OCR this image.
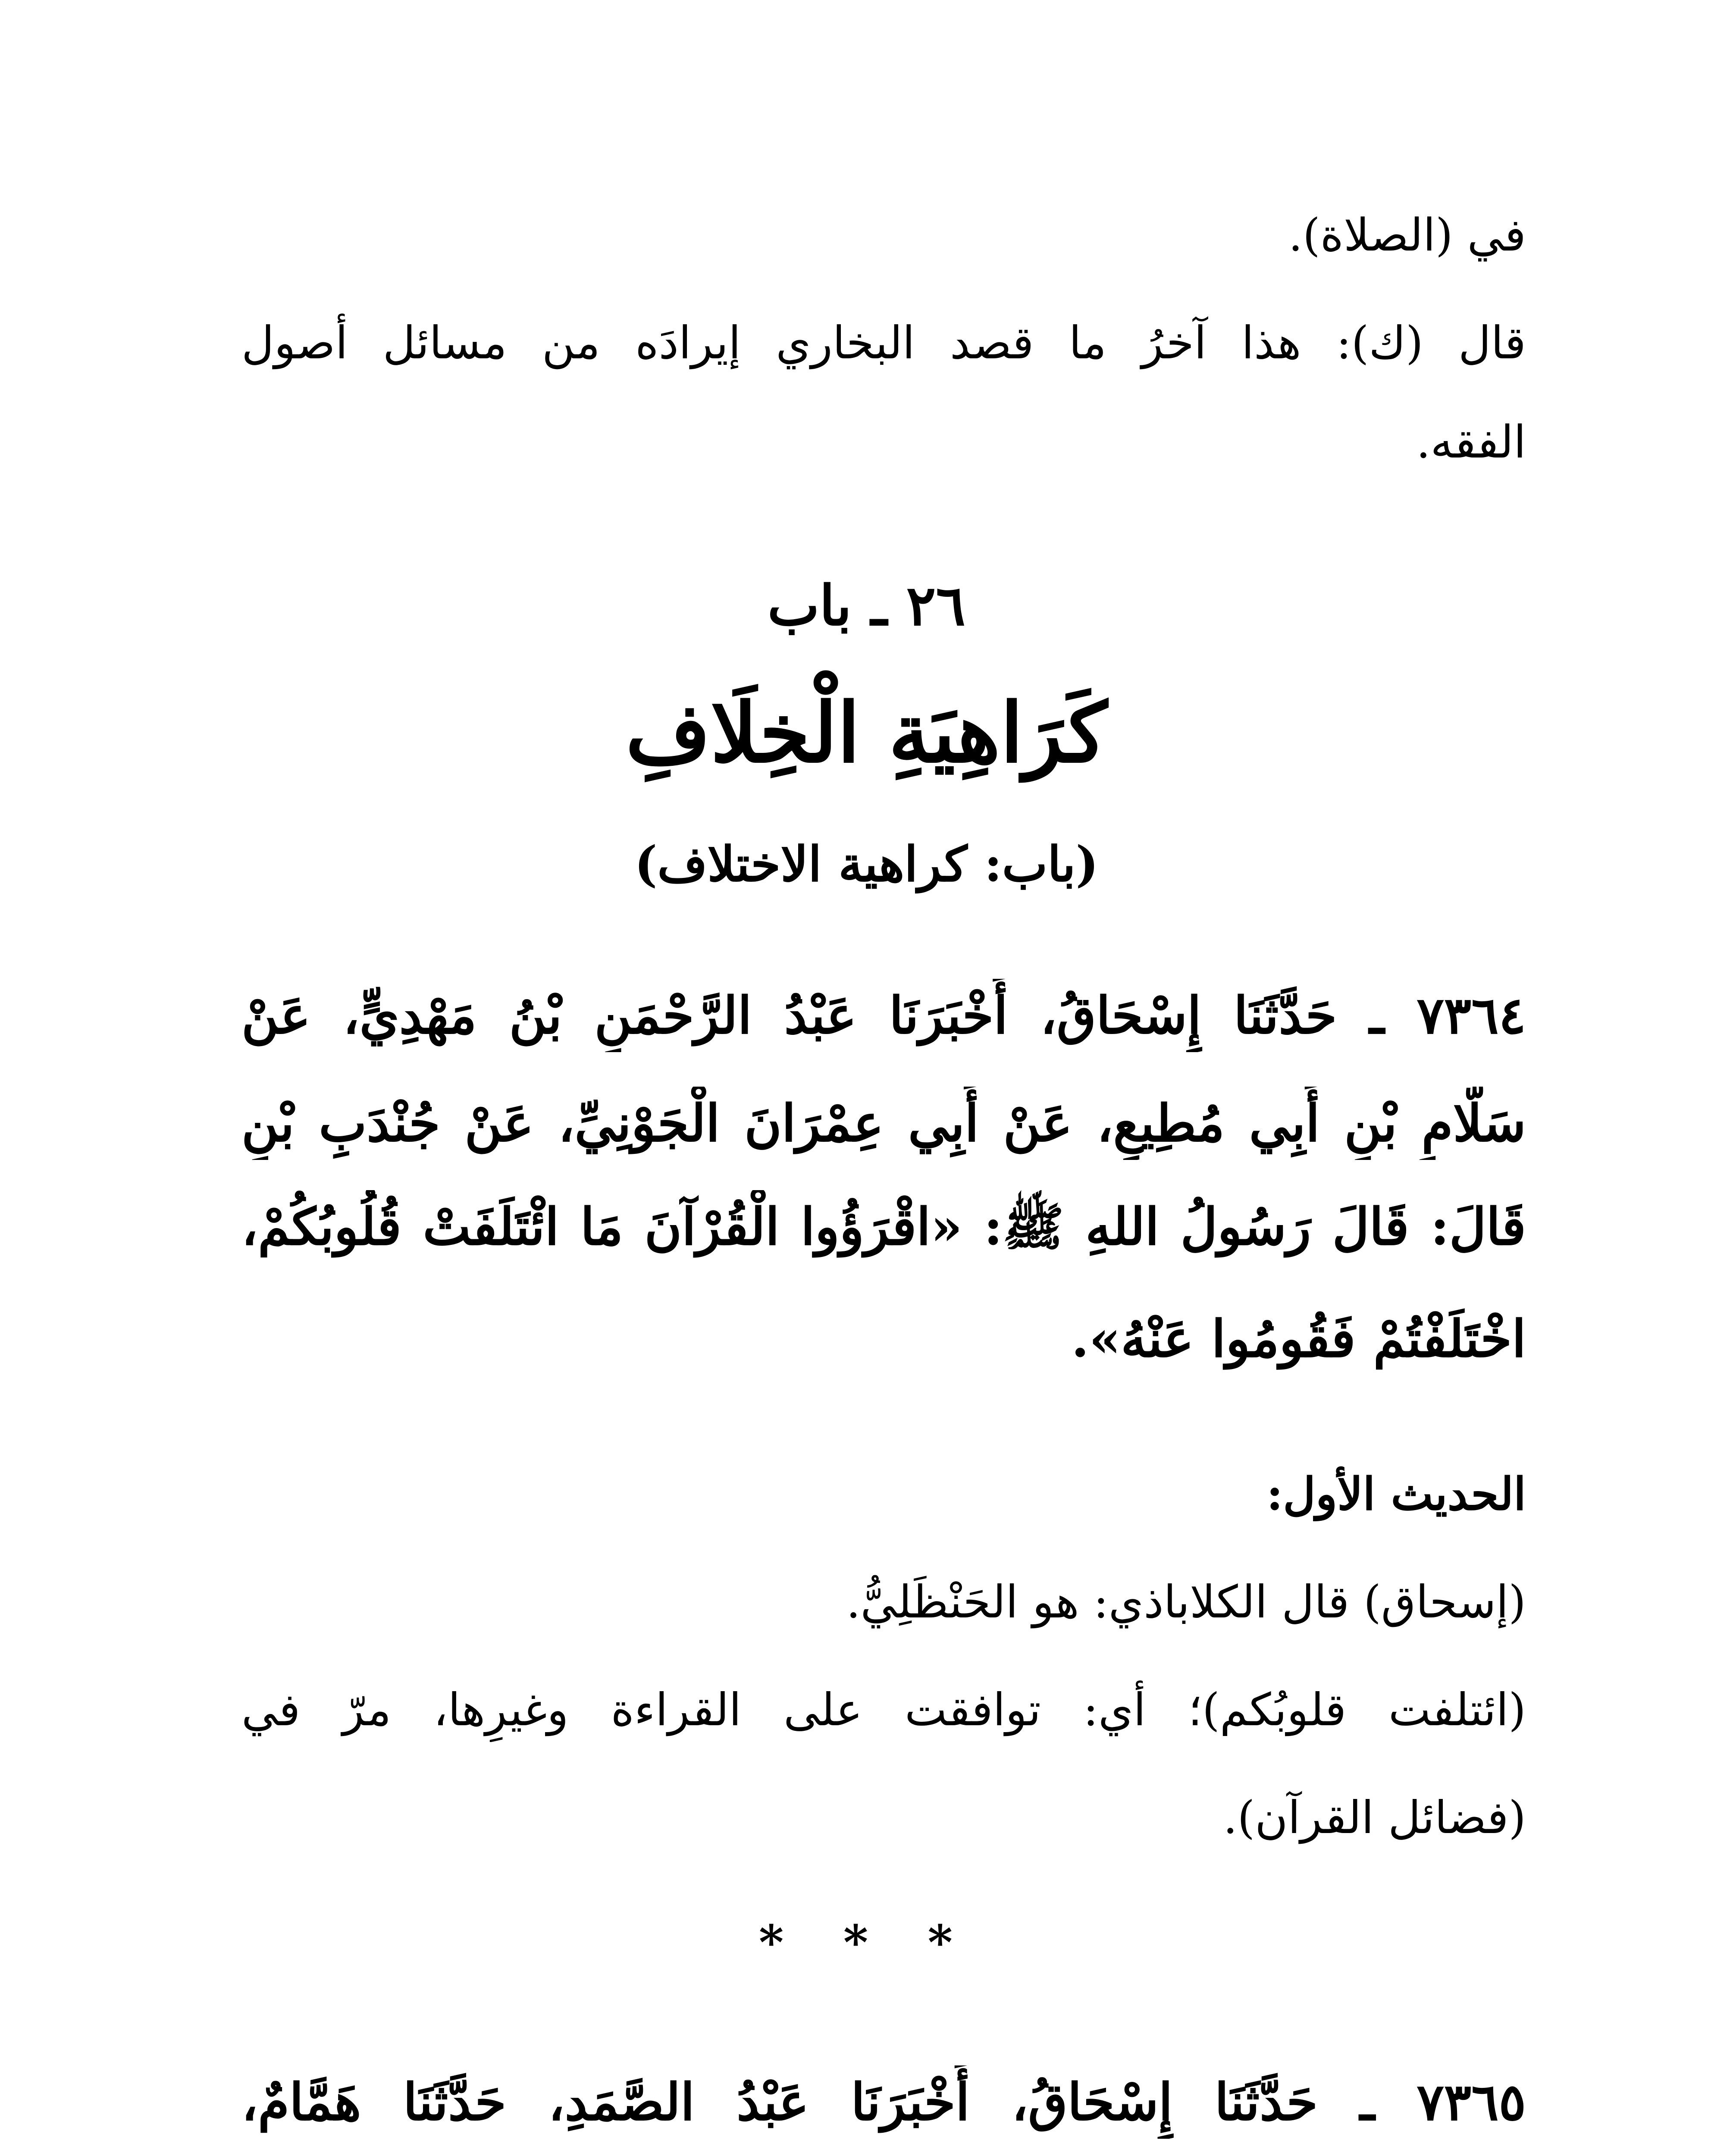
في (الصلاة).
قال (ك): هذا آخرُ ما قصد البخاري إيرادَه من مسائل أصول
الفقه.
٢٦ ـ باب
كَرَاهِيَةِ الْخِلَافِ
(باب: كراهية الاختلاف)
٧٣٦٤ ـ حَدَّثَنَا إِسْحَاقُ، أَخْبَرَنَا عَبْدُ الرَّحْمَنِ بْنُ مَهْدِيٍّ، عَنْ
سَلَّامِ بْنِ أَبِي مُطِيعٍ، عَنْ أَبِي عِمْرَانَ الْجَوْنِيِّ، عَنْ جُنْدَبِ بْنِ
قَالَ: قَالَ رَسُولُ اللهِ ﷺ: «اقْرَؤُوا الْقُرْآنَ مَا ائْتَلَفَتْ قُلُوبُكُمْ،
اخْتَلَفْتُمْ فَقُومُوا عَنْهُ».
الحديث الأول:
(إسحاق) قال الكلاباذي: هو الحَنْظَلِيُّ.
(ائتلفت قلوبُكم)؛ أي: توافقت على القراءة وغيرِها، مرّ في
(فضائل القرآن).
* * *
٧٣٦٥ ـ حَدَّثَنَا إِسْحَاقُ، أَخْبَرَنَا عَبْدُ الصَّمَدِ، حَدَّثَنَا هَمَّامٌ،
